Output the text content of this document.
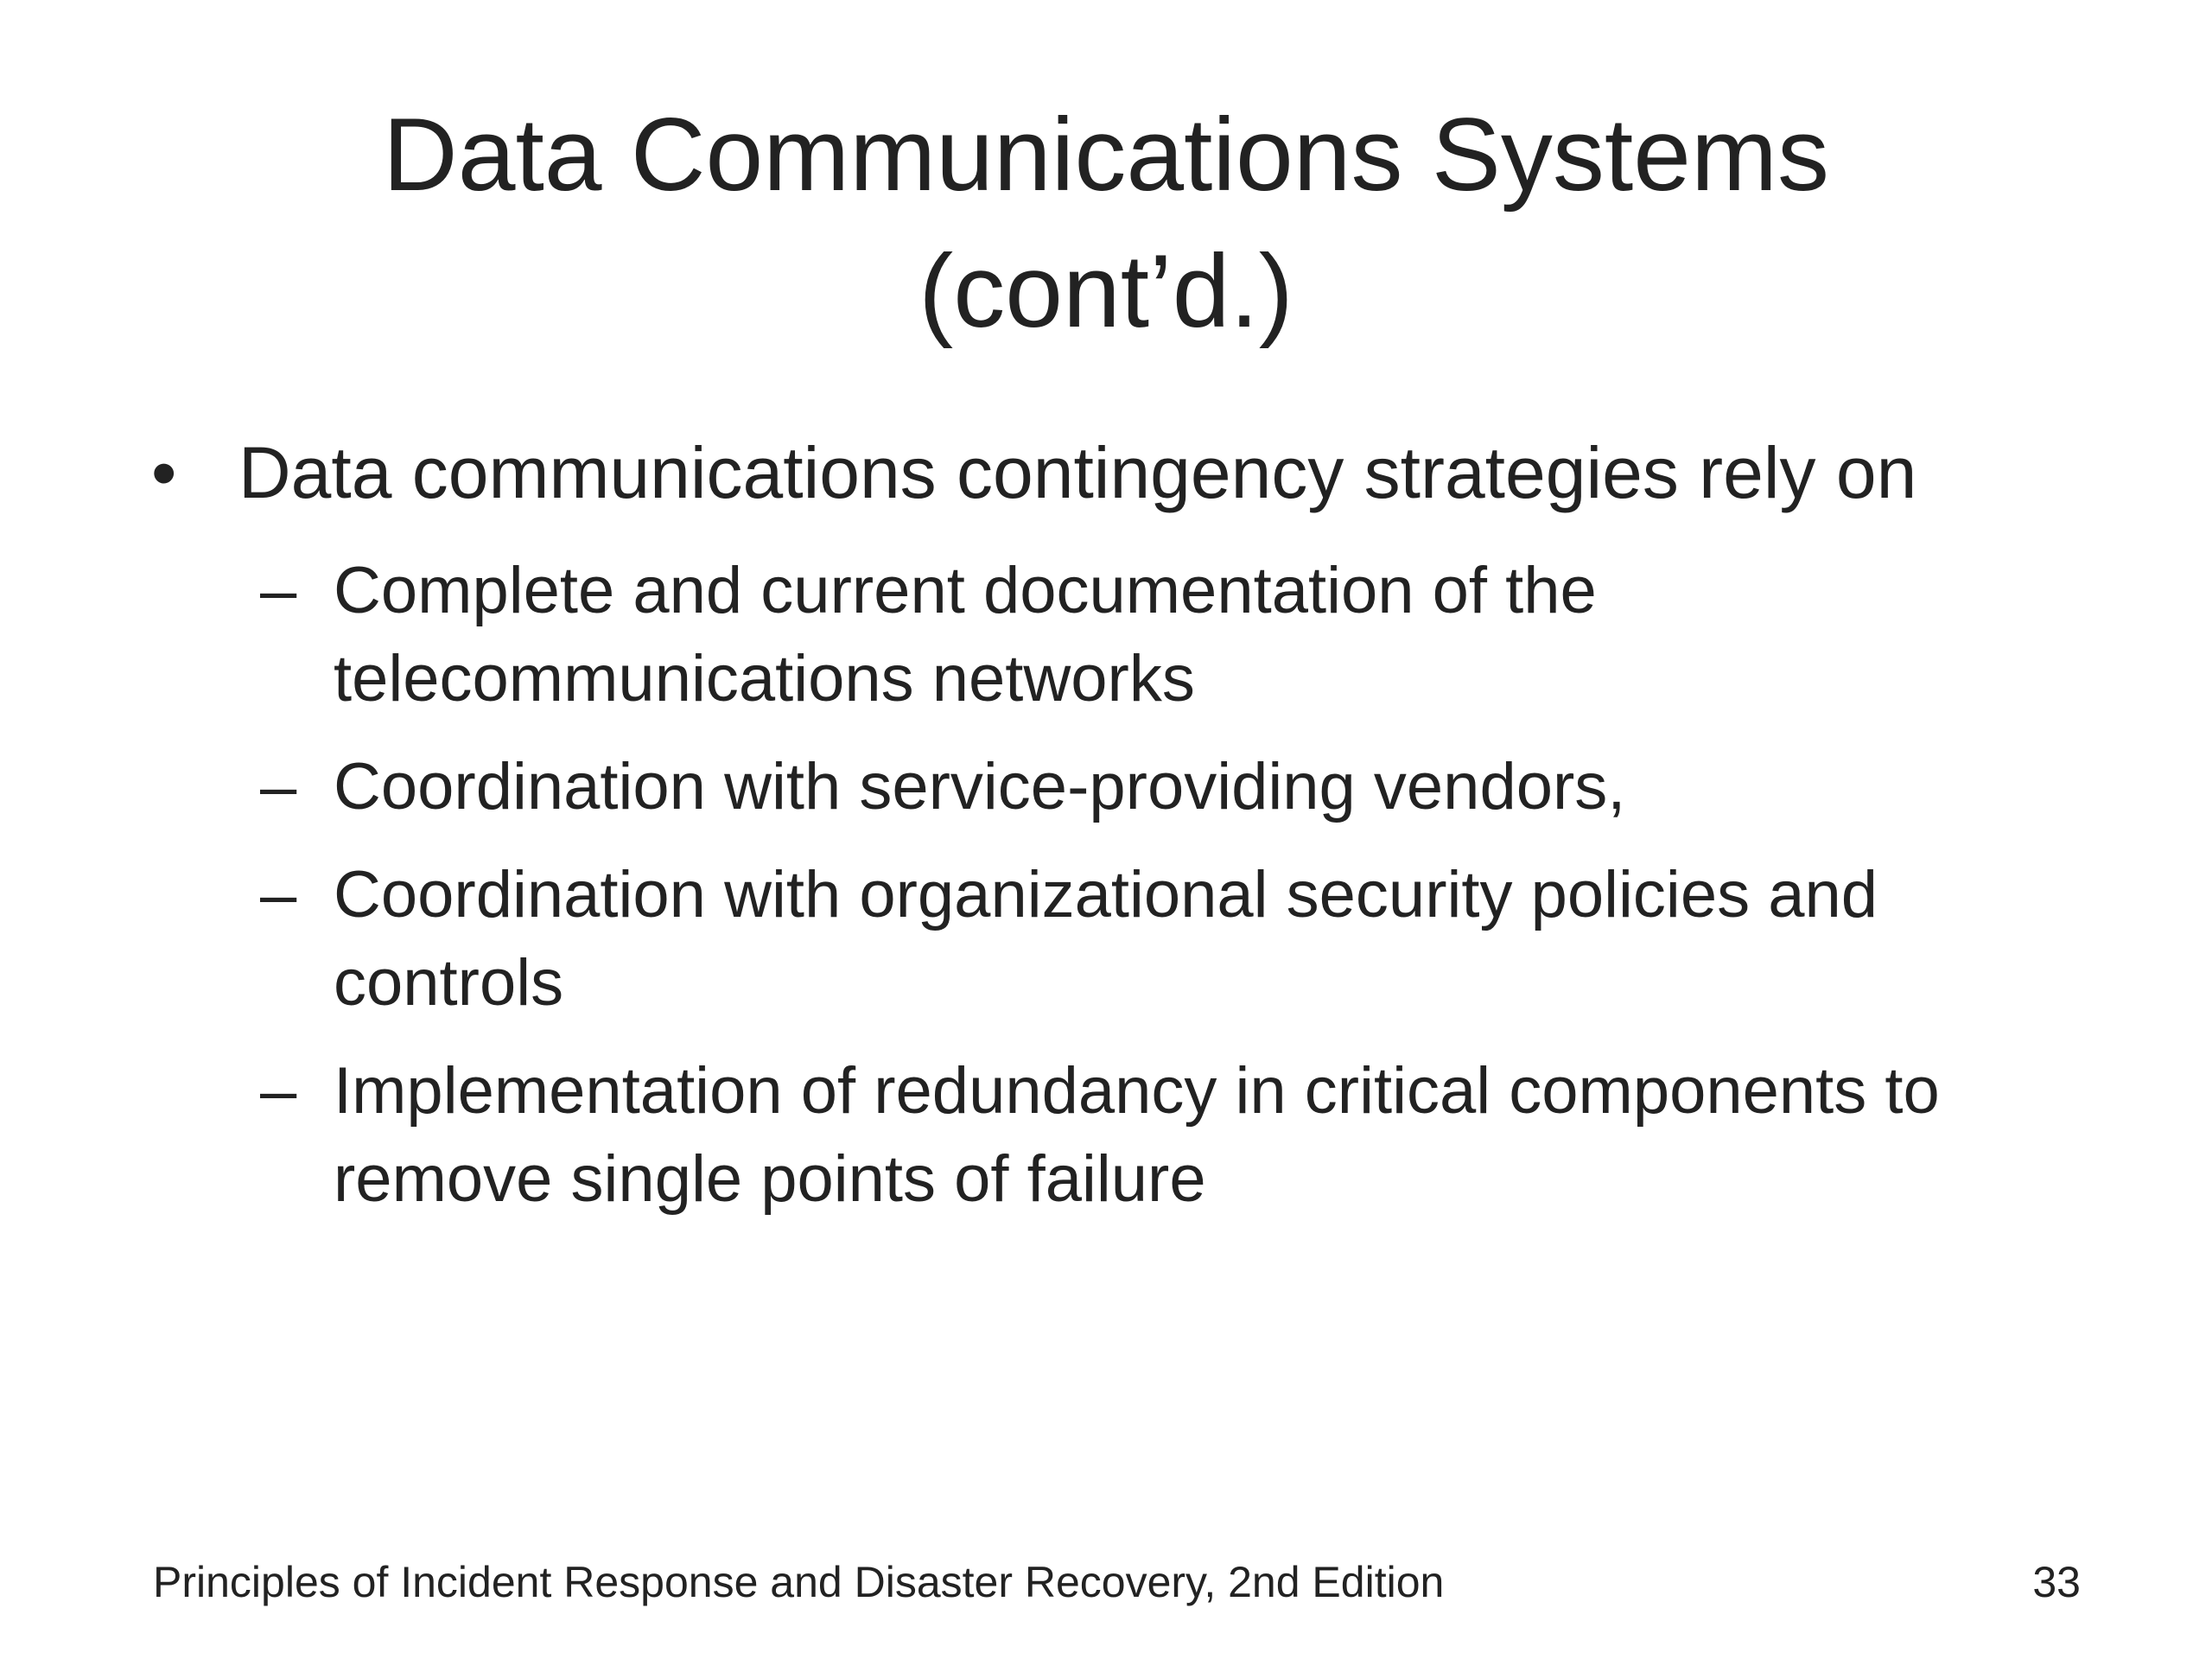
Data Communications Systems
(cont’d.)
• Data communications contingency strategies rely on
– Complete and current documentation of the telecommunications networks
– Coordination with service-providing vendors,
– Coordination with organizational security policies and controls
– Implementation of redundancy in critical components to remove single points of failure
Principles of Incident Response and Disaster Recovery, 2nd Edition	33
